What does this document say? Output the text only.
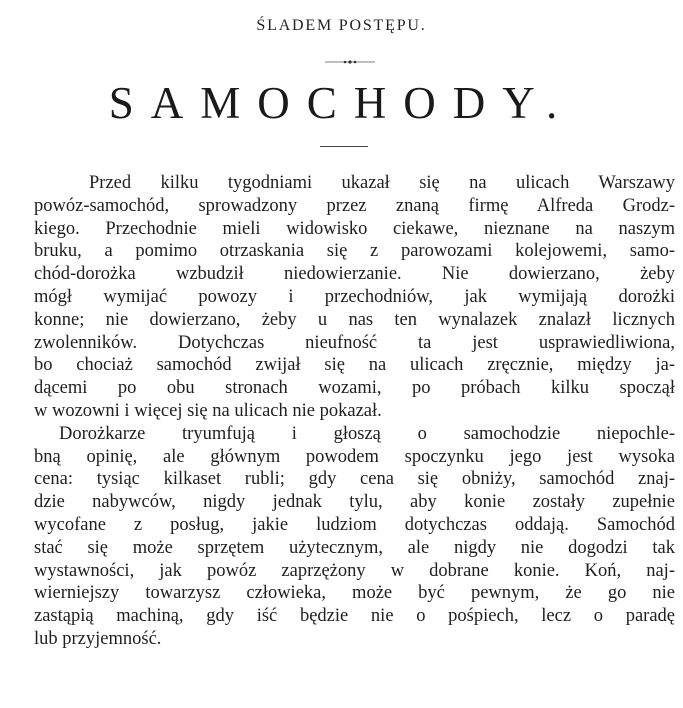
ŚLADEM POSTĘPU.
SAMOCHODY.
Przed kilku tygodniami ukazał się na ulicach Warszawy
powóz-samochód, sprowadzony przez znaną firmę Alfreda Grodz-
kiego. Przechodnie mieli widowisko ciekawe, nieznane na naszym
bruku, a pomimo otrzaskania się z parowozami kolejowemi, samo-
chód-dorożka wzbudził niedowierzanie. Nie dowierzano, żeby
mógł wymijać powozy i przechodniów, jak wymijają dorożki
konne; nie dowierzano, żeby u nas ten wynalazek znalazł licznych
zwolenników. Dotychczas nieufność ta jest usprawiedliwiona,
bo chociaż samochód zwijał się na ulicach zręcznie, między ja-
dącemi po obu stronach wozami, po próbach kilku spoczął
w wozowni i więcej się na ulicach nie pokazał.
Dorożkarze tryumfują i głoszą o samochodzie niepochle-
bną opinię, ale głównym powodem spoczynku jego jest wysoka
cena: tysiąc kilkaset rubli; gdy cena się obniży, samochód znaj-
dzie nabywców, nigdy jednak tylu, aby konie zostały zupełnie
wycofane z posług, jakie ludziom dotychczas oddają. Samochód
stać się może sprzętem użytecznym, ale nigdy nie dogodzi tak
wystawności, jak powóz zaprzężony w dobrane konie. Koń, naj-
wierniejszy towarzysz człowieka, może być pewnym, że go nie
zastąpią machiną, gdy iść będzie nie o pośpiech, lecz o paradę
lub przyjemność.
